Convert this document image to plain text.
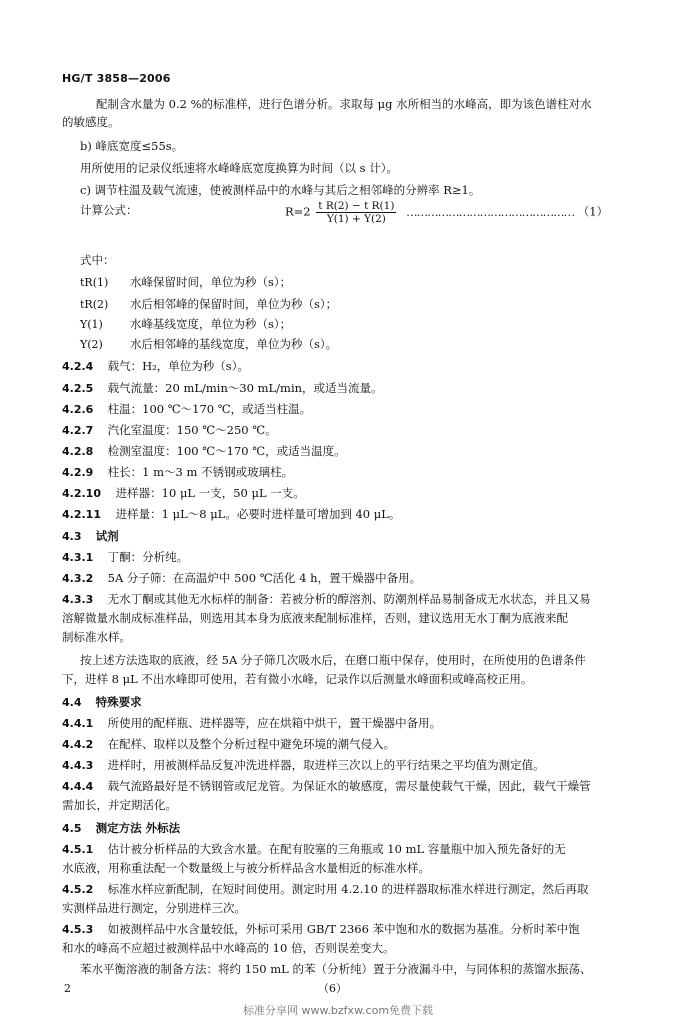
HG/T 3858—2006
配制含水量为 0.2 %的标准样，进行色谱分析。求取每 μg 水所相当的水峰高，即为该色谱柱对水
的敏感度。
b) 峰底宽度≤55s。
用所使用的记录仪纸速将水峰峰底宽度换算为时间（以 s 计）。
c) 调节柱温及载气流速，使被测样品中的水峰与其后之相邻峰的分辨率 R≥1。
计算公式：	$R=2 \frac{\text{t R(2) − t R(1)}}{Y(1) + Y(2)}$ ………………………………………… （1）
式中：
tR(1) 水峰保留时间，单位为秒（s）；
tR(2) 水后相邻峰的保留时间，单位为秒（s）；
Y(1) 水峰基线宽度，单位为秒（s）；
Y(2) 水后相邻峰的基线宽度，单位为秒（s）。
4.2.4 载气：H₂，单位为秒（s）。
4.2.5 载气流量：20 mL/min～30 mL/min，或适当流量。
4.2.6 柱温：100 ℃～170 ℃，或适当柱温。
4.2.7 汽化室温度：150 ℃～250 ℃。
4.2.8 检测室温度：100 ℃～170 ℃，或适当温度。
4.2.9 柱长：1 m～3 m 不锈钢或玻璃柱。
4.2.10 进样器：10 μL 一支，50 μL 一支。
4.2.11 进样量：1 μL～8 μL。必要时进样量可增加到 40 μL。
4.3 试剂
4.3.1 丁酮：分析纯。
4.3.2 5A 分子筛：在高温炉中 500 ℃活化 4 h，置干燥器中备用。
4.3.3 无水丁酮或其他无水标样的制备：若被分析的醇溶剂、防潮剂样品易制备成无水状态，并且又易
溶解微量水制成标准样品，则选用其本身为底液来配制标准样，否则，建议选用无水丁酮为底液来配
制标准水样。
按上述方法选取的底液，经 5A 分子筛几次吸水后，在磨口瓶中保存，使用时，在所使用的色谱条件
下，进样 8 μL 不出水峰即可使用，若有微小水峰，记录作以后测量水峰面积或峰高校正用。
4.4 特殊要求
4.4.1 所使用的配样瓶、进样器等，应在烘箱中烘干，置干燥器中备用。
4.4.2 在配样、取样以及整个分析过程中避免环境的潮气侵入。
4.4.3 进样时，用被测样品反复冲洗进样器，取进样三次以上的平行结果之平均值为测定值。
4.4.4 载气流路最好是不锈钢管或尼龙管。为保证水的敏感度，需尽量使载气干燥，因此，载气干燥管
需加长，并定期活化。
4.5 测定方法 外标法
4.5.1 估计被分析样品的大致含水量。在配有胶塞的三角瓶或 10 mL 容量瓶中加入预先备好的无
水底液，用称重法配一个数量级上与被分析样品含水量相近的标准水样。
4.5.2 标准水样应新配制，在短时间使用。测定时用 4.2.10 的进样器取标准水样进行测定，然后再取
实测样品进行测定，分别进样三次。
4.5.3 如被测样品中水含量较低，外标可采用 GB/T 2366 苯中饱和水的数据为基准。分析时苯中饱
和水的峰高不应超过被测样品中水峰高的 10 倍，否则误差变大。
苯水平衡溶液的制备方法：将约 150 mL 的苯（分析纯）置于分液漏斗中，与同体积的蒸馏水振荡、
2	（6）
标准分享网 www.bzfxw.com免费下载
